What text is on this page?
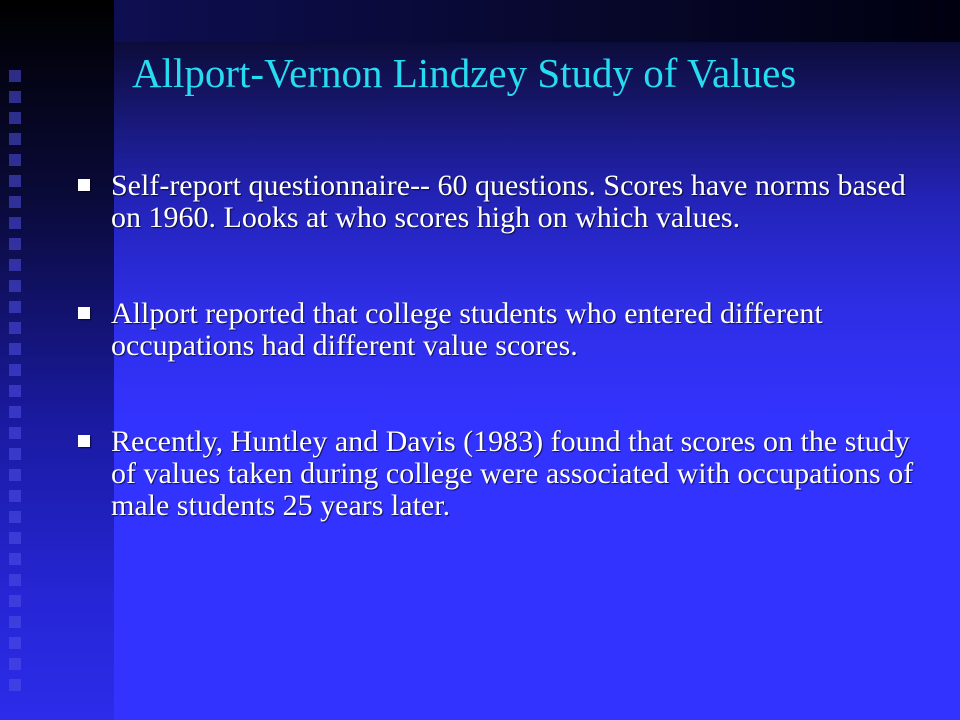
Allport-Vernon Lindzey Study of Values
Self-report questionnaire-- 60 questions. Scores have norms based on 1960. Looks at who scores high on which values.
Allport reported that college students who entered different occupations had different value scores.
Recently, Huntley and Davis (1983) found that scores on the study of values taken during college were associated with occupations of male students 25 years later.
